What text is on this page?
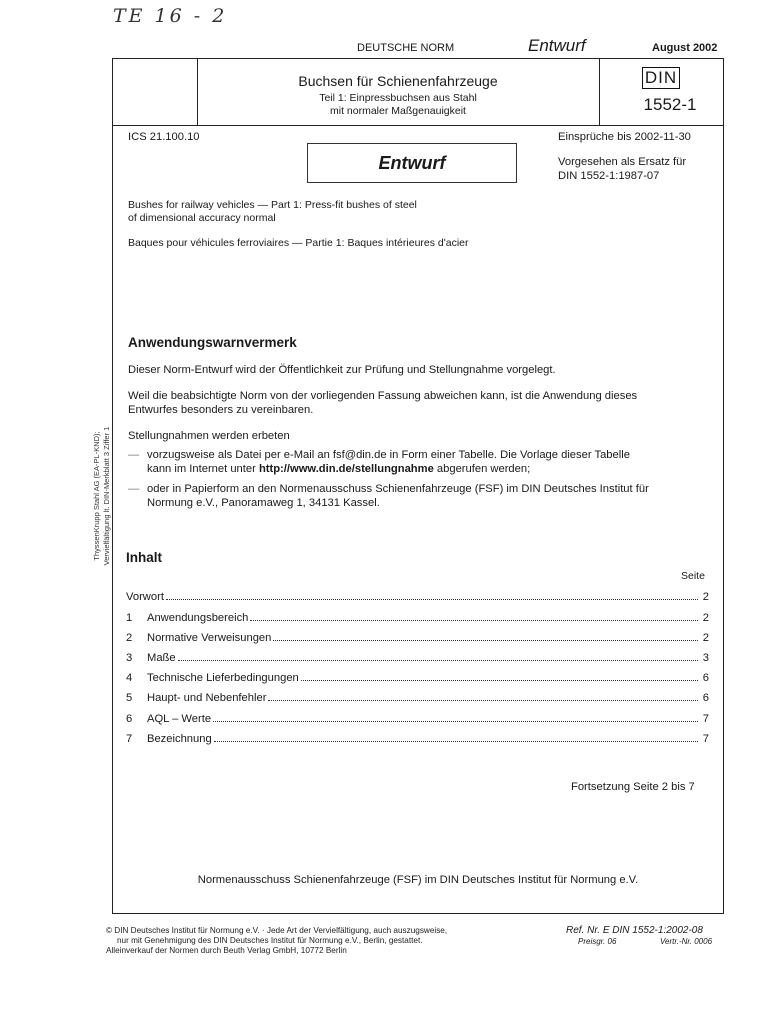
TE 16 - 2
DEUTSCHE NORM	Entwurf	August 2002
ThyssenKrupp Stahl AG (EA-PL-KND); Vervielfältigung lt. DIN-Merkblatt 3 Ziffer 1
Buchsen für Schienenfahrzeuge
Teil 1: Einpressbuchsen aus Stahl
mit normaler Maßgenauigkeit
DIN
1552-1
ICS 21.100.10	Einsprüche bis 2002-11-30
Entwurf	Vorgesehen als Ersatz für
DIN 1552-1:1987-07
Bushes for railway vehicles — Part 1: Press-fit bushes of steel
of dimensional accuracy normal
Baques pour véhicules ferroviaires — Partie 1: Baques intérieures d'acier
Anwendungswarnvermerk
Dieser Norm-Entwurf wird der Öffentlichkeit zur Prüfung und Stellungnahme vorgelegt.
Weil die beabsichtigte Norm von der vorliegenden Fassung abweichen kann, ist die Anwendung dieses
Entwurfes besonders zu vereinbaren.
Stellungnahmen werden erbeten
— vorzugsweise als Datei per e-Mail an fsf@din.de in Form einer Tabelle. Die Vorlage dieser Tabelle
kann im Internet unter http://www.din.de/stellungnahme abgerufen werden;
— oder in Papierform an den Normenausschuss Schienenfahrzeuge (FSF) im DIN Deutsches Institut für
Normung e.V., Panoramaweg 1, 34131 Kassel.
Inhalt
Seite
Vorwort	2
1	Anwendungsbereich	2
2	Normative Verweisungen	2
3	Maße	3
4	Technische Lieferbedingungen	6
5	Haupt- und Nebenfehler	6
6	AQL – Werte	7
7	Bezeichnung	7
Fortsetzung Seite 2 bis 7
Normenausschuss Schienenfahrzeuge (FSF) im DIN Deutsches Institut für Normung e.V.
© DIN Deutsches Institut für Normung e.V. · Jede Art der Vervielfältigung, auch auszugsweise,
nur mit Genehmigung des DIN Deutsches Institut für Normung e.V., Berlin, gestattet.
Alleinverkauf der Normen durch Beuth Verlag GmbH, 10772 Berlin
Ref. Nr. E DIN 1552-1:2002-08
Preisgr. 06	Vertr.-Nr. 0006
